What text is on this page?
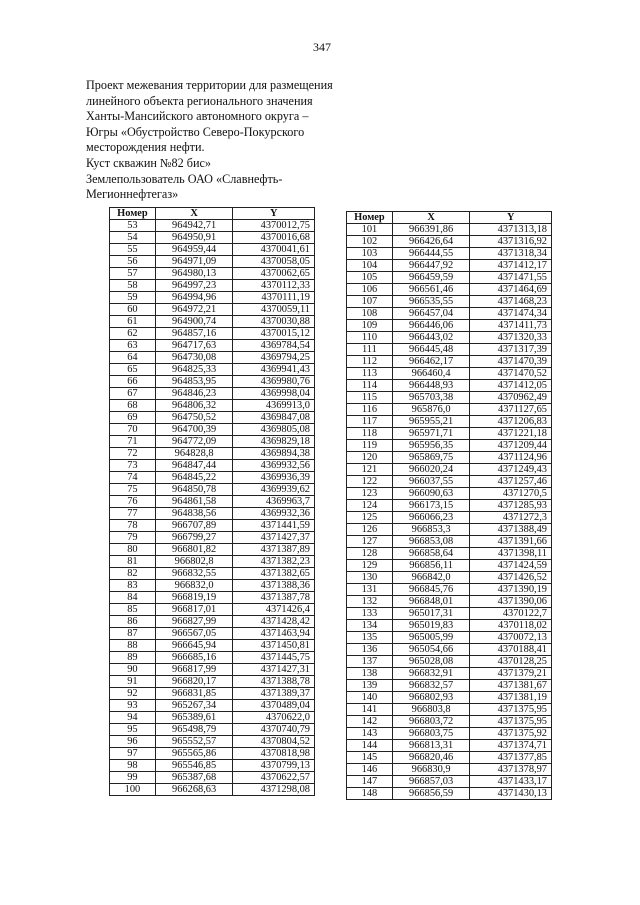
347
Проект межевания территории для размещения
линейного объекта регионального значения
Ханты-Мансийского автономного округа –
Югры «Обустройство Северо-Покурского
месторождения нефти.
Куст скважин №82 бис»
Землепользователь ОАО «Славнефть-
Мегионнефтегаз»
Номер	X	Y
53	964942,71	4370012,75
54	964950,91	4370016,68
55	964959,44	4370041,61
56	964971,09	4370058,05
57	964980,13	4370062,65
58	964997,23	4370112,33
59	964994,96	4370111,19
60	964972,21	4370059,11
61	964900,74	4370030,88
62	964857,16	4370015,12
63	964717,63	4369784,54
64	964730,08	4369794,25
65	964825,33	4369941,43
66	964853,95	4369980,76
67	964846,23	4369998,04
68	964806,32	4369913,0
69	964750,52	4369847,08
70	964700,39	4369805,08
71	964772,09	4369829,18
72	964828,8	4369894,38
73	964847,44	4369932,56
74	964845,22	4369936,39
75	964850,78	4369939,62
76	964861,58	4369963,7
77	964838,56	4369932,36
78	966707,89	4371441,59
79	966799,27	4371427,37
80	966801,82	4371387,89
81	966802,8	4371382,23
82	966832,55	4371382,65
83	966832,0	4371388,36
84	966819,19	4371387,78
85	966817,01	4371426,4
86	966827,99	4371428,42
87	966567,05	4371463,94
88	966645,94	4371450,81
89	966685,16	4371445,75
90	966817,99	4371427,31
91	966820,17	4371388,78
92	966831,85	4371389,37
93	965267,34	4370489,04
94	965389,61	4370622,0
95	965498,79	4370740,79
96	965552,57	4370804,52
97	965565,86	4370818,98
98	965546,85	4370799,13
99	965387,68	4370622,57
100	966268,63	4371298,08
Номер	X	Y
101	966391,86	4371313,18
102	966426,64	4371316,92
103	966444,55	4371318,34
104	966447,92	4371412,17
105	966459,59	4371471,55
106	966561,46	4371464,69
107	966535,55	4371468,23
108	966457,04	4371474,34
109	966446,06	4371411,73
110	966443,02	4371320,33
111	966445,48	4371317,39
112	966462,17	4371470,39
113	966460,4	4371470,52
114	966448,93	4371412,05
115	965703,38	4370962,49
116	965876,0	4371127,65
117	965955,21	4371206,83
118	965971,71	4371221,18
119	965956,35	4371209,44
120	965869,75	4371124,96
121	966020,24	4371249,43
122	966037,55	4371257,46
123	966090,63	4371270,5
124	966173,15	4371285,93
125	966066,23	4371272,3
126	966853,3	4371388,49
127	966853,08	4371391,66
128	966858,64	4371398,11
129	966856,11	4371424,59
130	966842,0	4371426,52
131	966845,76	4371390,19
132	966848,01	4371390,06
133	965017,31	4370122,7
134	965019,83	4370118,02
135	965005,99	4370072,13
136	965054,66	4370188,41
137	965028,08	4370128,25
138	966832,91	4371379,21
139	966832,57	4371381,67
140	966802,93	4371381,19
141	966803,8	4371375,95
142	966803,72	4371375,95
143	966803,75	4371375,92
144	966813,31	4371374,71
145	966820,46	4371377,85
146	966830,9	4371378,97
147	966857,03	4371433,17
148	966856,59	4371430,13
